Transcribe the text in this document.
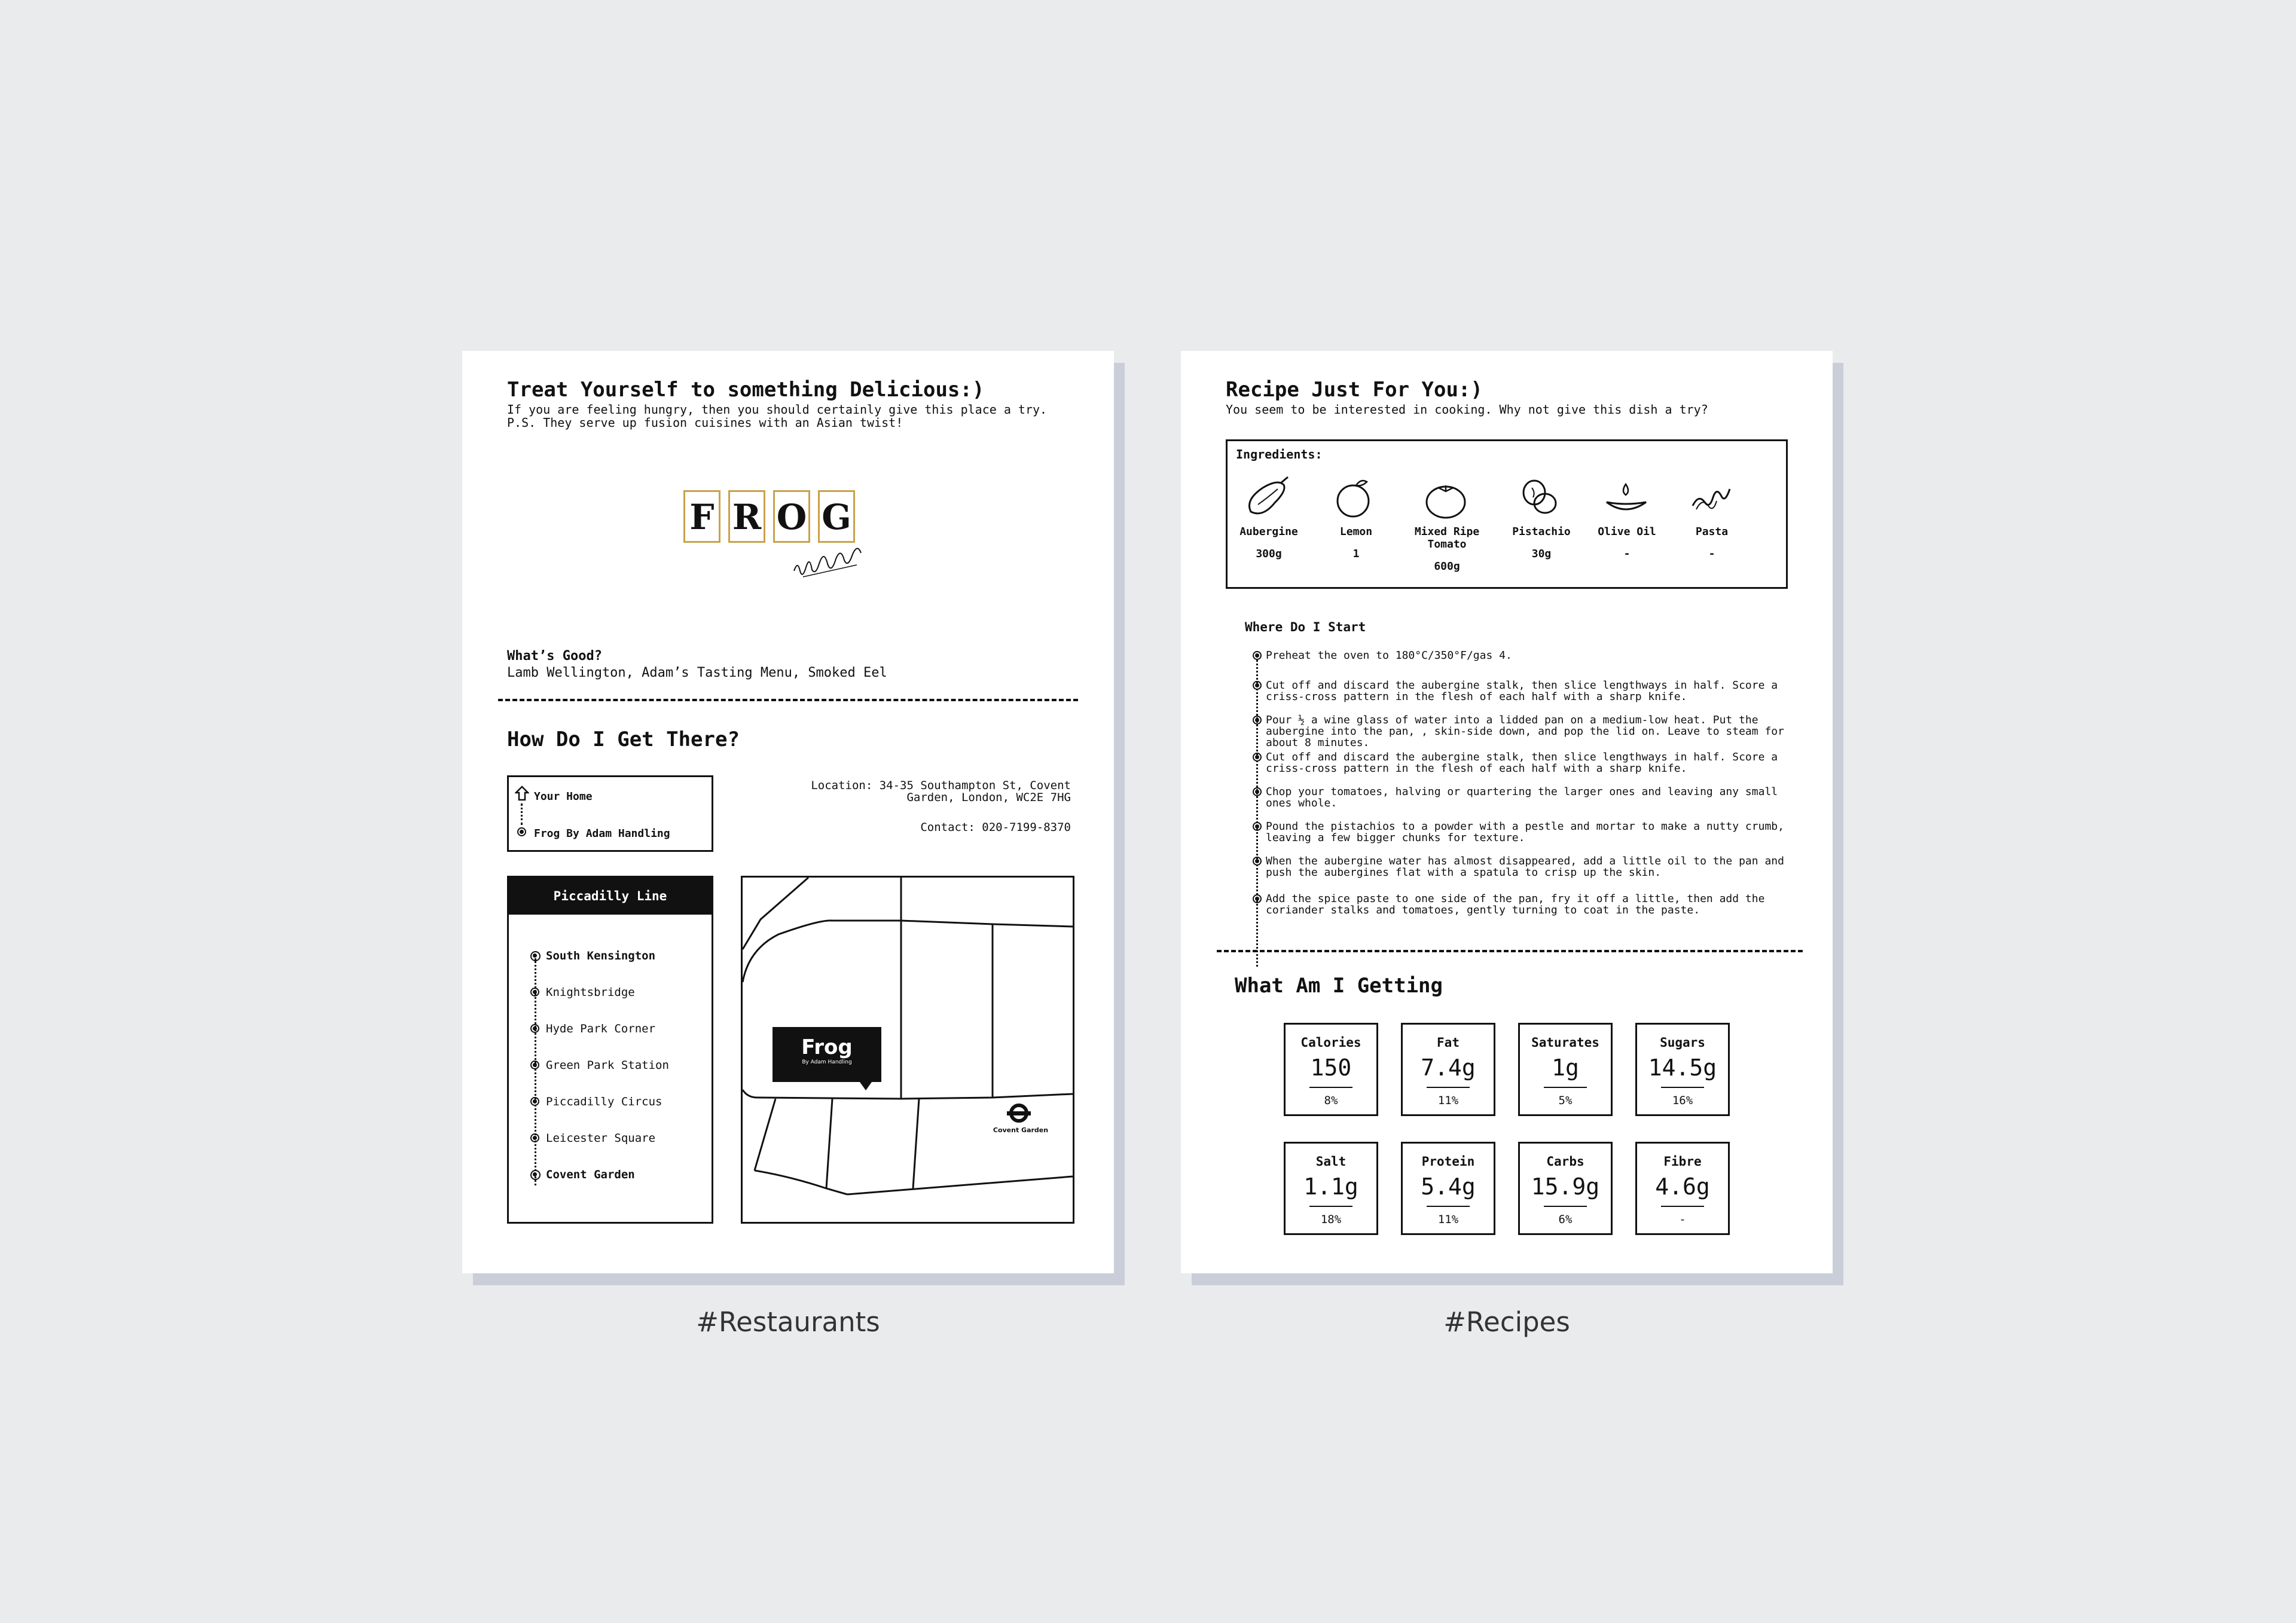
Treat Yourself to something Delicious:)
If you are feeling hungry, then you should certainly give this place a try.
P.S. They serve up fusion cuisines with an Asian twist!
F R O G
What’s Good?
Lamb Wellington, Adam’s Tasting Menu, Smoked Eel
How Do I Get There?
Your Home
Frog By Adam Handling
Location: 34-35 Southampton St, Covent
Garden, London, WC2E 7HG
Contact: 020-7199-8370
Piccadilly Line
South Kensington
Knightsbridge
Hyde Park Corner
Green Park Station
Piccadilly Circus
Leicester Square
Covent Garden
Frog
By Adam Handling
Covent Garden
Recipe Just For You:)
You seem to be interested in cooking. Why not give this dish a try?
Ingredients:
Aubergine
300g
Lemon
1
Mixed Ripe Tomato
600g
Pistachio
30g
Olive Oil
-
Pasta
-
Where Do I Start
Preheat the oven to 180°C/350°F/gas 4.
Cut off and discard the aubergine stalk, then slice lengthways in half. Score a
criss-cross pattern in the flesh of each half with a sharp knife.
Pour ½ a wine glass of water into a lidded pan on a medium-low heat. Put the
aubergine into the pan, , skin-side down, and pop the lid on. Leave to steam for
about 8 minutes.
Cut off and discard the aubergine stalk, then slice lengthways in half. Score a
criss-cross pattern in the flesh of each half with a sharp knife.
Chop your tomatoes, halving or quartering the larger ones and leaving any small
ones whole.
Pound the pistachios to a powder with a pestle and mortar to make a nutty crumb,
leaving a few bigger chunks for texture.
When the aubergine water has almost disappeared, add a little oil to the pan and
push the aubergines flat with a spatula to crisp up the skin.
Add the spice paste to one side of the pan, fry it off a little, then add the
coriander stalks and tomatoes, gently turning to coat in the paste.
What Am I Getting
Calories
150
8%
Fat
7.4g
11%
Saturates
1g
5%
Sugars
14.5g
16%
Salt
1.1g
18%
Protein
5.4g
11%
Carbs
15.9g
6%
Fibre
4.6g
-
#Restaurants	#Recipes
